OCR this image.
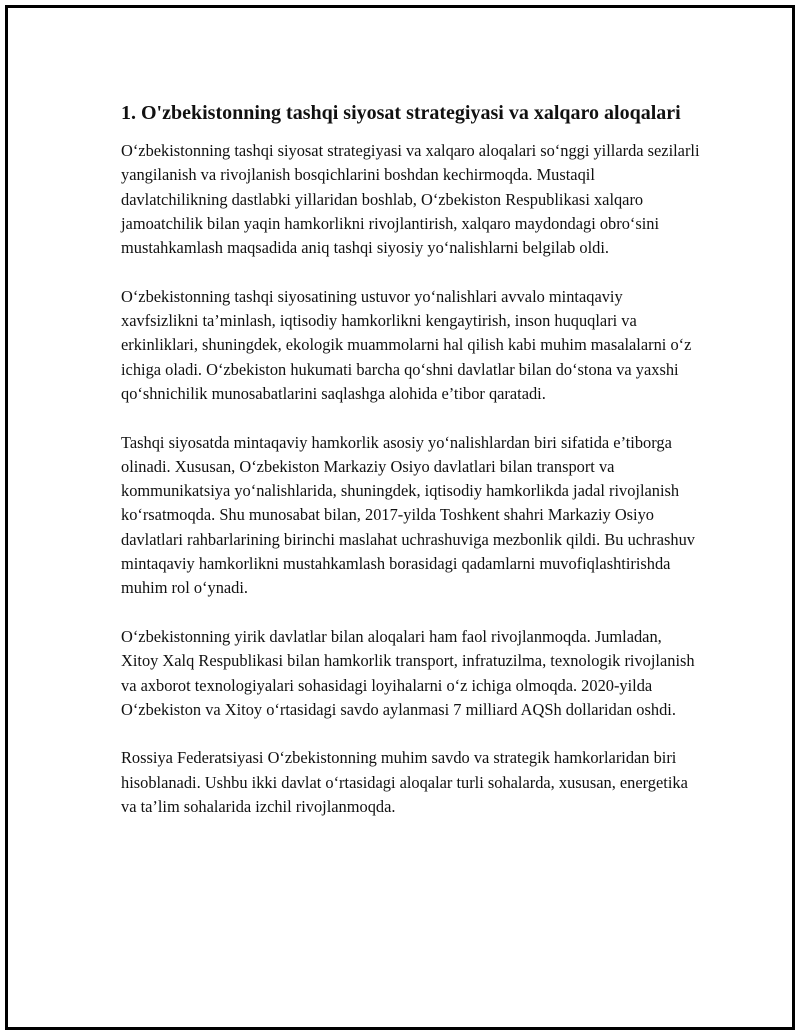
1. O'zbekistonning tashqi siyosat strategiyasi va xalqaro aloqalari

O‘zbekistonning tashqi siyosat strategiyasi va xalqaro aloqalari so‘nggi yillarda sezilarli yangilanish va rivojlanish bosqichlarini boshdan kechirmoqda. Mustaqil davlatchilikning dastlabki yillaridan boshlab, O‘zbekiston Respublikasi xalqaro jamoatchilik bilan yaqin hamkorlikni rivojlantirish, xalqaro maydondagi obro‘sini mustahkamlash maqsadida aniq tashqi siyosiy yo‘nalishlarni belgilab oldi.

O‘zbekistonning tashqi siyosatining ustuvor yo‘nalishlari avvalo mintaqaviy xavfsizlikni ta’minlash, iqtisodiy hamkorlikni kengaytirish, inson huquqlari va erkinliklari, shuningdek, ekologik muammolarni hal qilish kabi muhim masalalarni o‘z ichiga oladi. O‘zbekiston hukumati barcha qo‘shni davlatlar bilan do‘stona va yaxshi qo‘shnichilik munosabatlarini saqlashga alohida e’tibor qaratadi.

Tashqi siyosatda mintaqaviy hamkorlik asosiy yo‘nalishlardan biri sifatida e’tiborga olinadi. Xususan, O‘zbekiston Markaziy Osiyo davlatlari bilan transport va kommunikatsiya yo‘nalishlarida, shuningdek, iqtisodiy hamkorlikda jadal rivojlanish ko‘rsatmoqda. Shu munosabat bilan, 2017-yilda Toshkent shahri Markaziy Osiyo davlatlari rahbarlarining birinchi maslahat uchrashuviga mezbonlik qildi. Bu uchrashuv mintaqaviy hamkorlikni mustahkamlash borasidagi qadamlarni muvofiqlashtirishda muhim rol o‘ynadi.

O‘zbekistonning yirik davlatlar bilan aloqalari ham faol rivojlanmoqda. Jumladan, Xitoy Xalq Respublikasi bilan hamkorlik transport, infratuzilma, texnologik rivojlanish va axborot texnologiyalari sohasidagi loyihalarni o‘z ichiga olmoqda. 2020-yilda O‘zbekiston va Xitoy o‘rtasidagi savdo aylanmasi 7 milliard AQSh dollaridan oshdi.

Rossiya Federatsiyasi O‘zbekistonning muhim savdo va strategik hamkorlaridan biri hisoblanadi. Ushbu ikki davlat o‘rtasidagi aloqalar turli sohalarda, xususan, energetika va ta’lim sohalarida izchil rivojlanmoqda.
